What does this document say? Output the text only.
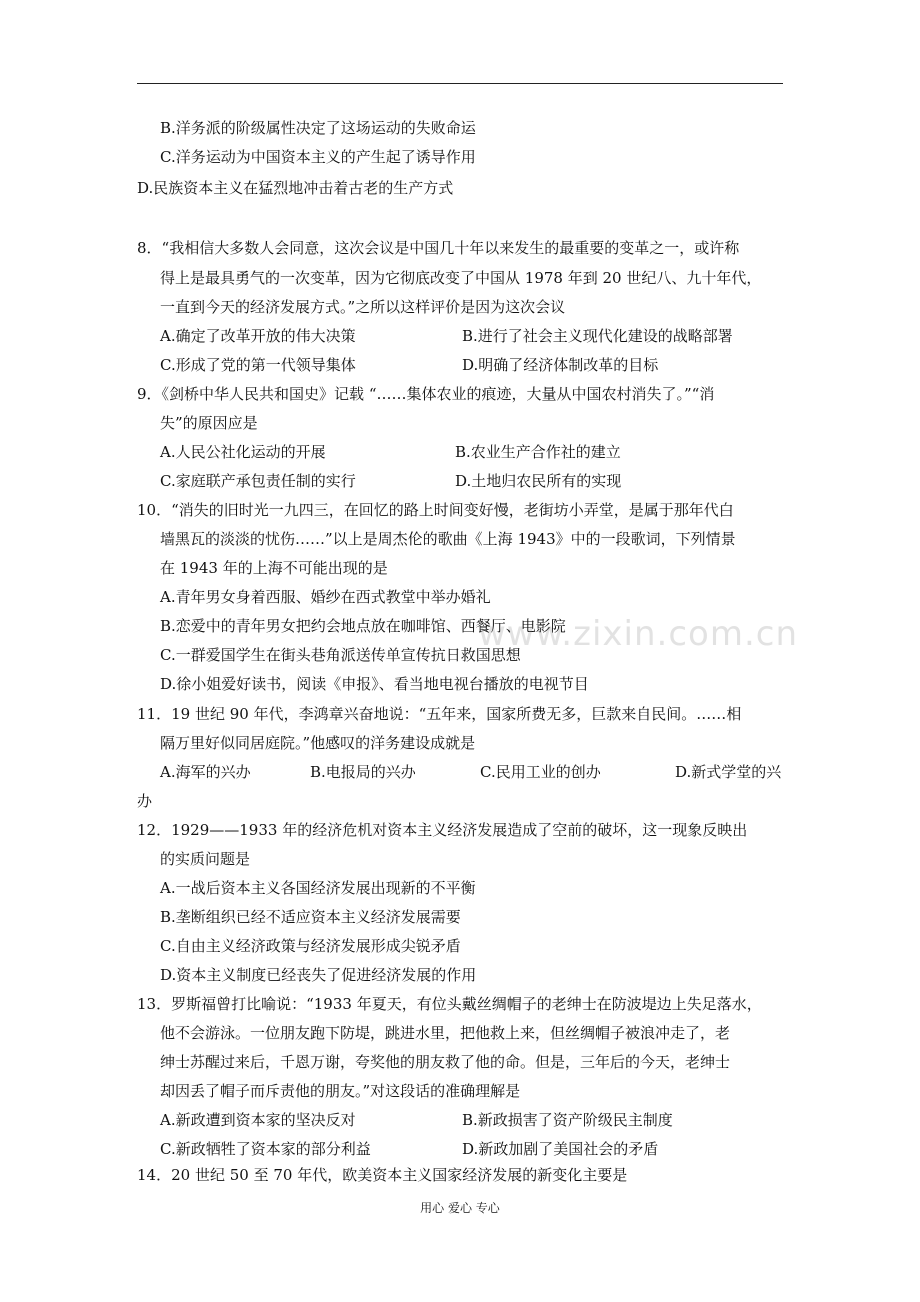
B.洋务派的阶级属性决定了这场运动的失败命运
C.洋务运动为中国资本主义的产生起了诱导作用
D.民族资本主义在猛烈地冲击着古老的生产方式
8．“我相信大多数人会同意，这次会议是中国几十年以来发生的最重要的变革之一，或许称
得上是最具勇气的一次变革，因为它彻底改变了中国从 1978 年到 20 世纪八、九十年代，
一直到今天的经济发展方式。”之所以这样评价是因为这次会议
A.确定了改革开放的伟大决策	B.进行了社会主义现代化建设的战略部署
C.形成了党的第一代领导集体	D.明确了经济体制改革的目标
9．《剑桥中华人民共和国史》记载 “……集体农业的痕迹，大量从中国农村消失了。”“消
失”的原因应是
A.人民公社化运动的开展	B.农业生产合作社的建立
C.家庭联产承包责任制的实行	D.土地归农民所有的实现
10．“消失的旧时光一九四三，在回忆的路上时间变好慢，老街坊小弄堂，是属于那年代白
墙黑瓦的淡淡的忧伤……”以上是周杰伦的歌曲《上海 1943》中的一段歌词，下列情景
在 1943 年的上海不可能出现的是
A.青年男女身着西服、婚纱在西式教堂中举办婚礼
B.恋爱中的青年男女把约会地点放在咖啡馆、西餐厅、电影院
C.一群爱国学生在街头巷角派送传单宣传抗日救国思想
D.徐小姐爱好读书，阅读《申报》、看当地电视台播放的电视节目
www.zixin.com.cn
11．19 世纪 90 年代，李鸿章兴奋地说：“五年来，国家所费无多，巨款来自民间。……相
隔万里好似同居庭院。”他感叹的洋务建设成就是
A.海军的兴办	B.电报局的兴办	C.民用工业的创办	D.新式学堂的兴
办
12．1929——1933 年的经济危机对资本主义经济发展造成了空前的破坏，这一现象反映出
的实质问题是
A.一战后资本主义各国经济发展出现新的不平衡
B.垄断组织已经不适应资本主义经济发展需要
C.自由主义经济政策与经济发展形成尖锐矛盾
D.资本主义制度已经丧失了促进经济发展的作用
13．罗斯福曾打比喻说：“1933 年夏天，有位头戴丝绸帽子的老绅士在防波堤边上失足落水，
他不会游泳。一位朋友跑下防堤，跳进水里，把他救上来，但丝绸帽子被浪冲走了，老
绅士苏醒过来后，千恩万谢，夸奖他的朋友救了他的命。但是，三年后的今天，老绅士
却因丢了帽子而斥责他的朋友。”对这段话的准确理解是
A.新政遭到资本家的坚决反对	B.新政损害了资产阶级民主制度
C.新政牺牲了资本家的部分利益	D.新政加剧了美国社会的矛盾
14．20 世纪 50 至 70 年代，欧美资本主义国家经济发展的新变化主要是
用心 爱心 专心
